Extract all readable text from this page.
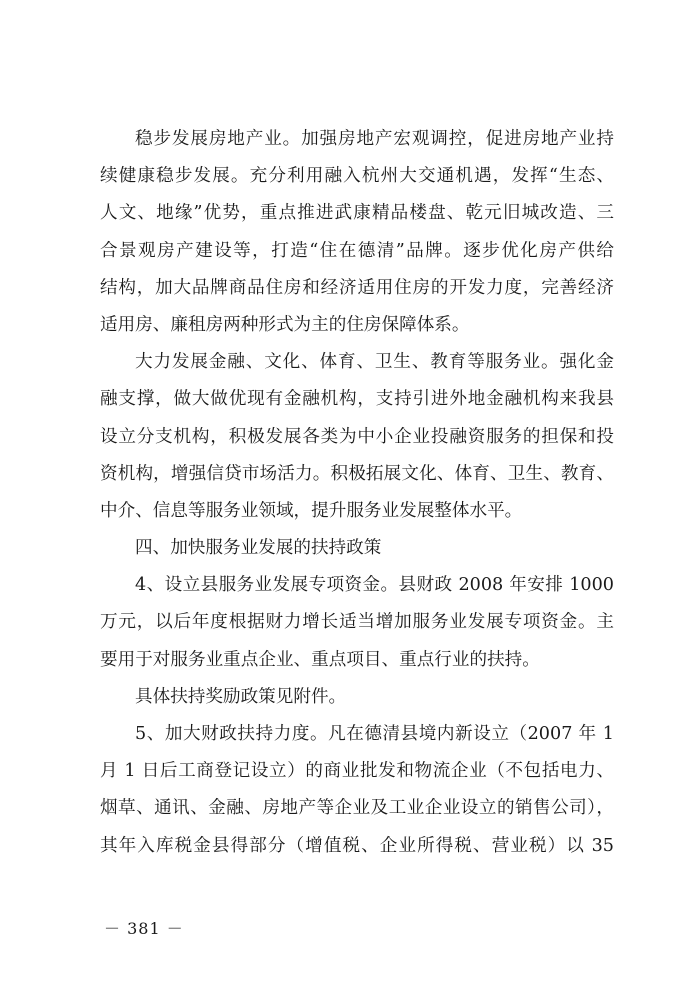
稳步发展房地产业。加强房地产宏观调控，促进房地产业持
续健康稳步发展。充分利用融入杭州大交通机遇，发挥“生态、
人文、地缘”优势，重点推进武康精品楼盘、乾元旧城改造、三
合景观房产建设等，打造“住在德清”品牌。逐步优化房产供给
结构，加大品牌商品住房和经济适用住房的开发力度，完善经济
适用房、廉租房两种形式为主的住房保障体系。
大力发展金融、文化、体育、卫生、教育等服务业。强化金
融支撑，做大做优现有金融机构，支持引进外地金融机构来我县
设立分支机构，积极发展各类为中小企业投融资服务的担保和投
资机构，增强信贷市场活力。积极拓展文化、体育、卫生、教育、
中介、信息等服务业领域，提升服务业发展整体水平。
四、加快服务业发展的扶持政策
4、设立县服务业发展专项资金。县财政 2008 年安排 1000
万元，以后年度根据财力增长适当增加服务业发展专项资金。主
要用于对服务业重点企业、重点项目、重点行业的扶持。
具体扶持奖励政策见附件。
5、加大财政扶持力度。凡在德清县境内新设立（2007 年 1
月 1 日后工商登记设立）的商业批发和物流企业（不包括电力、
烟草、通讯、金融、房地产等企业及工业企业设立的销售公司），
其年入库税金县得部分（增值税、企业所得税、营业税）以 35
－ 381 －
